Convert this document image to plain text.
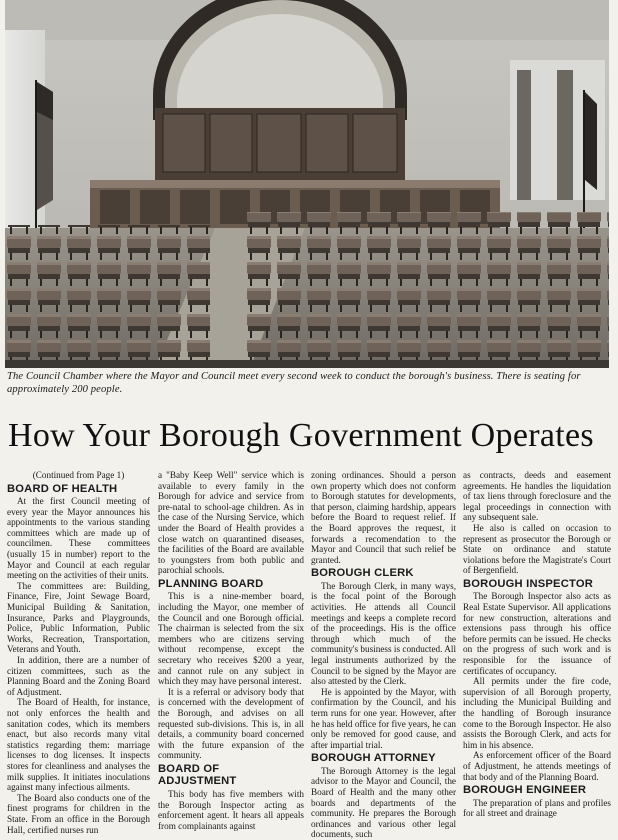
The Council Chamber where the Mayor and Council meet every second week to conduct the borough's business. There is seating for approximately 200 people.
How Your Borough Government Operates

(Continued from Page 1)

BOARD OF HEALTH

At the first Council meeting of every year the Mayor announces his appointments to the various standing committees which are made up of councilmen. These committees (usually 15 in number) report to the Mayor and Council at each regular meeting on the activities of their units.

The committees are: Building, Finance, Fire, Joint Sewage Board, Municipal Building & Sanitation, Insurance, Parks and Playgrounds, Police, Public Information, Public Works, Recreation, Transportation, Veterans and Youth.

In addition, there are a number of citizen committees, such as the Planning Board and the Zoning Board of Adjustment.

The Board of Health, for instance, not only enforces the health and sanitation codes, which its members enact, but also records many vital statistics regarding them: marriage licenses to dog licenses. It inspects stores for cleanliness and analyses the milk supplies. It initiates inoculations against many infectious ailments.

The Board also conducts one of the finest programs for children in the State. From an office in the Borough Hall, certified nurses run

a "Baby Keep Well" service which is available to every family in the Borough for advice and service from pre-natal to school-age children. As in the case of the Nursing Service, which under the Board of Health provides a close watch on quarantined diseases, the facilities of the Board are available to youngsters from both public and parochial schools.

PLANNING BOARD

This is a nine-member board, including the Mayor, one member of the Council and one Borough official. The chairman is selected from the six members who are citizens serving without recompense, except the secretary who receives $200 a year, and cannot rule on any subject in which they may have personal interest.

It is a referral or advisory body that is concerned with the development of the Borough, and advises on all requested sub-divisions. This is, in all details, a community board concerned with the future expansion of the community.

BOARD OF ADJUSTMENT

This body has five members with the Borough Inspector acting as enforcement agent. It hears all appeals from complainants against

zoning ordinances. Should a person own property which does not conform to Borough statutes for developments, that person, claiming hardship, appears before the Board to request relief. If the Board approves the request, it forwards a recomendation to the Mayor and Council that such relief be granted.

BOROUGH CLERK

The Borough Clerk, in many ways, is the focal point of the Borough activities. He attends all Council meetings and keeps a complete record of the proceedings. His is the office through which much of the community's business is conducted. All legal instruments authorized by the Council to be signed by the Mayor are also attested by the Clerk.

He is appointed by the Mayor, with confirmation by the Council, and his term runs for one year. However, after he has held office for five years, he can only be removed for good cause, and after impartial trial.

BOROUGH ATTORNEY

The Borough Attorney is the legal advisor to the Mayor and Council, the Board of Health and the many other boards and departments of the community. He prepares the Borough ordinances and various other legal documents, such

as contracts, deeds and easement agreements. He handles the liquidation of tax liens through foreclosure and the legal proceedings in connection with any subsequent sale.

He also is called on occasion to represent as prosecutor the Borough or State on ordinance and statute violations before the Magistrate's Court of Bergenfield.

BOROUGH INSPECTOR

The Borough Inspector also acts as Real Estate Supervisor. All applications for new construction, alterations and extensions pass through his office before permits can be issued. He checks on the progress of such work and is responsible for the issuance of certificates of occupancy.

All permits under the fire code, supervision of all Borough property, including the Municipal Building and the handling of Borough insurance come to the Borough Inspector. He also assists the Borough Clerk, and acts for him in his absence.

As enforcement officer of the Board of Adjustment, he attends meetings of that body and of the Planning Board.

BOROUGH ENGINEER

The preparation of plans and profiles for all street and drainage
